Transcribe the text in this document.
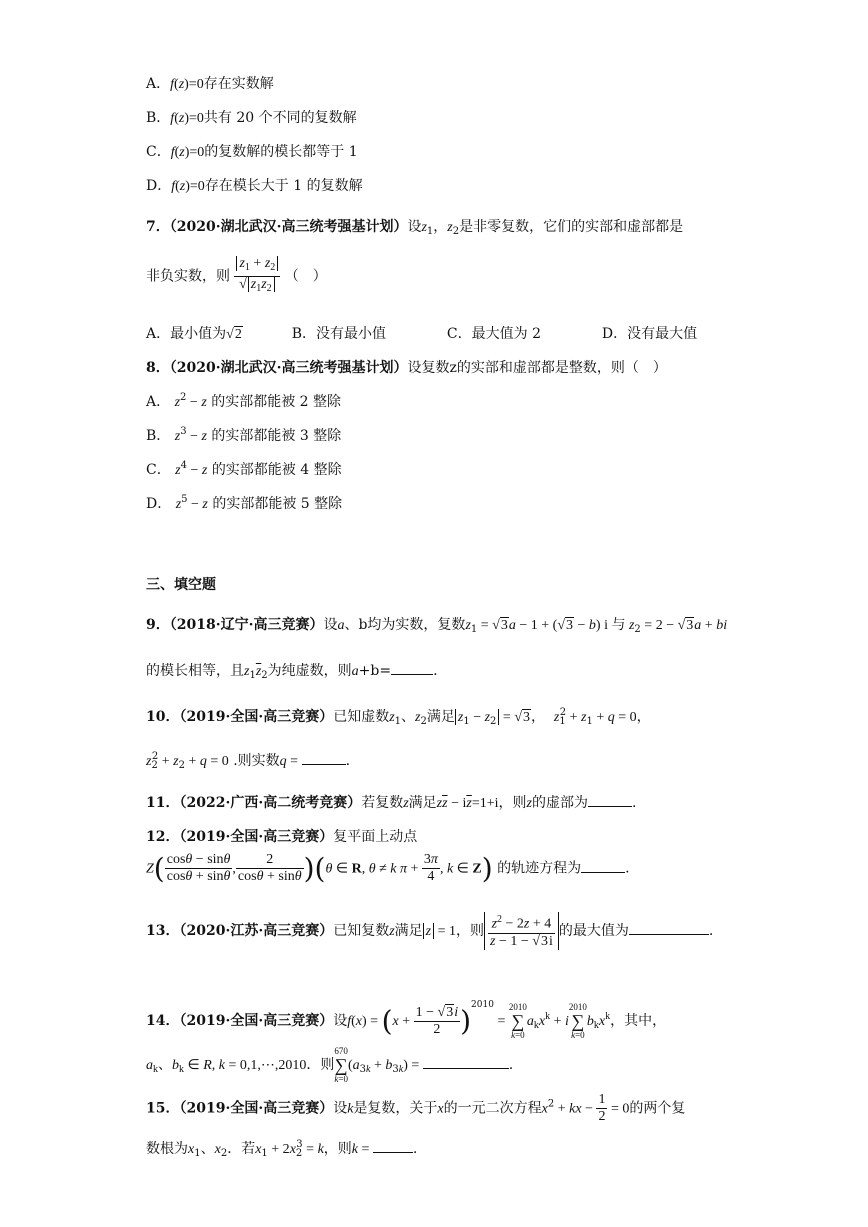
A．f(z)=0存在实数解
B．f(z)=0共有 20 个不同的复数解
C．f(z)=0的复数解的模长都等于 1
D．f(z)=0存在模长大于 1 的复数解
7．（2020·湖北武汉·高三统考强基计划）设$z_1$，$z_2$是非零复数，它们的实部和虚部都是
非负实数，则 $\frac{z_1 + z_2}{√ z_1z_2}$ （　）
A．最小值为√2	B．没有最小值	C．最大值为 2	D．没有最大值
8．（2020·湖北武汉·高三统考强基计划）设复数z的实部和虚部都是整数，则（　）
A． $z^2 - z$ 的实部都能被 2 整除
B． $z^3 - z$ 的实部都能被 3 整除
C． $z^4 - z$ 的实部都能被 4 整除
D． $z^5 - z$ 的实部都能被 5 整除
三、填空题
9．（2018·辽宁·高三竞赛）设a、b均为实数，复数$z_1 = √3a - 1 + (√3 - b)$ i 与 $z_2 = 2 - √3a$ + bi
的模长相等，且$z_1\overline{z}_2$为纯虚数，则a+b=	.
10．（2019·全国·高三竞赛）已知虚数$z_1$、$z_2$满足 $z_1 - z_2 = √3$，  $z_1^2 + z_1 + q = 0$，
$z_2^2 + z_2 + q = 0$ .则实数q =	.
11．（2022·广西·高二统考竞赛）若复数z满足$z\overline{z} - i\overline{z}=1+i$，则z的虚部为	.
12．（2019·全国·高三竞赛）复平面上动点
$Z( \frac{\cos\theta - \sin\theta}{\cos\theta + \sin\theta}$ , $\frac{2}{\cos\theta + \sin\theta} )(\theta$ ∈ R, θ ≠ k $\pi + \frac{3\pi}{4}$ , k ∈ Z) 的轨迹方程为	.
13．（2020·江苏·高三竞赛）已知复数z满足 z = 1，则 $\frac{z^2 - 2z + 4}{z - 1 - √3i}$ 的最大值为	.
14．（2019·全国·高三竞赛）设$f(x) = (x + \frac{1 - √3i}{2} )^{2010}$ =
2010
∑
k=0
$a_kx^k + i$
2010
∑
k=0
$b_kx^k$，其中，
$a_k$、$b_k$ ∈ R, k = 0,1,⋯,2010．则
670
∑
k=0
$(a_{3k} + b_{3k})$ =	.
15．（2019·全国·高三竞赛）设k是复数，关于x的一元二次方程$x^2$ + kx − $\frac{1}{2} = 0$的两个复
数根为$x_1$、$x_2$．若$x_1 + 2x_2^3 = k$，则k =	.
